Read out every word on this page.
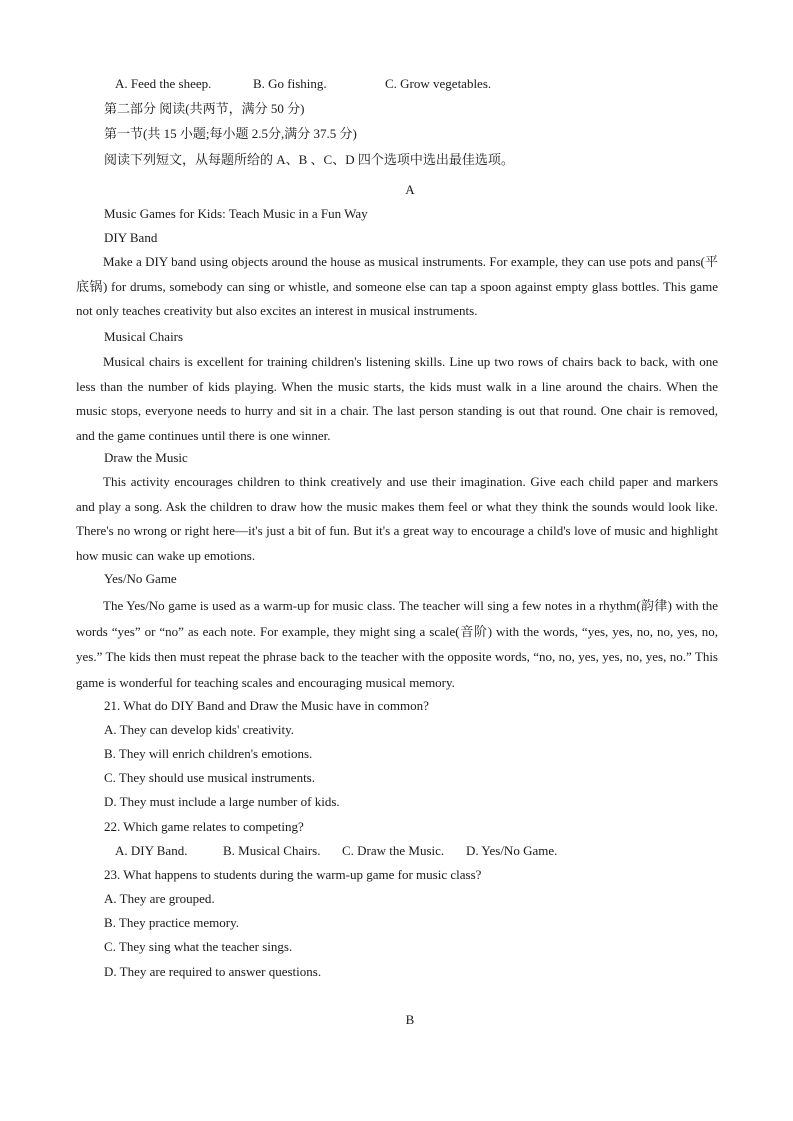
A. Feed the sheep.	B. Go fishing.	C. Grow vegetables.
第二部分 阅读(共两节，满分 50 分)
第一节(共 15 小题;每小题 2.5分,满分 37.5 分)
阅读下列短文，从每题所给的 A、B 、C、D 四个选项中选出最佳选项。
A
Music Games for Kids: Teach Music in a Fun Way
DIY Band
Make a DIY band using objects around the house as musical instruments. For example, they can use pots and pans(平底锅) for drums, somebody can sing or whistle, and someone else can tap a spoon against empty glass bottles. This game not only teaches creativity but also excites an interest in musical instruments.
Musical Chairs
Musical chairs is excellent for training children's listening skills. Line up two rows of chairs back to back, with one less than the number of kids playing. When the music starts, the kids must walk in a line around the chairs. When the music stops, everyone needs to hurry and sit in a chair. The last person standing is out that round. One chair is removed, and the game continues until there is one winner.
Draw the Music
This activity encourages children to think creatively and use their imagination. Give each child paper and markers and play a song. Ask the children to draw how the music makes them feel or what they think the sounds would look like. There's no wrong or right here—it's just a bit of fun. But it's a great way to encourage a child's love of music and highlight how music can wake up emotions.
Yes/No Game
The Yes/No game is used as a warm-up for music class. The teacher will sing a few notes in a rhythm(韵律) with the words “yes” or “no” as each note. For example, they might sing a scale(音阶) with the words, “yes, yes, no, no, yes, no, yes.” The kids then must repeat the phrase back to the teacher with the opposite words, “no, no, yes, yes, no, yes, no.” This game is wonderful for teaching scales and encouraging musical memory.
21. What do DIY Band and Draw the Music have in common?
A. They can develop kids' creativity.
B. They will enrich children's emotions.
C. They should use musical instruments.
D. They must include a large number of kids.
22. Which game relates to competing?
A. DIY Band.	B. Musical Chairs. C. Draw the Music. D. Yes/No Game.
23. What happens to students during the warm-up game for music class?
A. They are grouped.
B. They practice memory.
C. They sing what the teacher sings.
D. They are required to answer questions.
B
